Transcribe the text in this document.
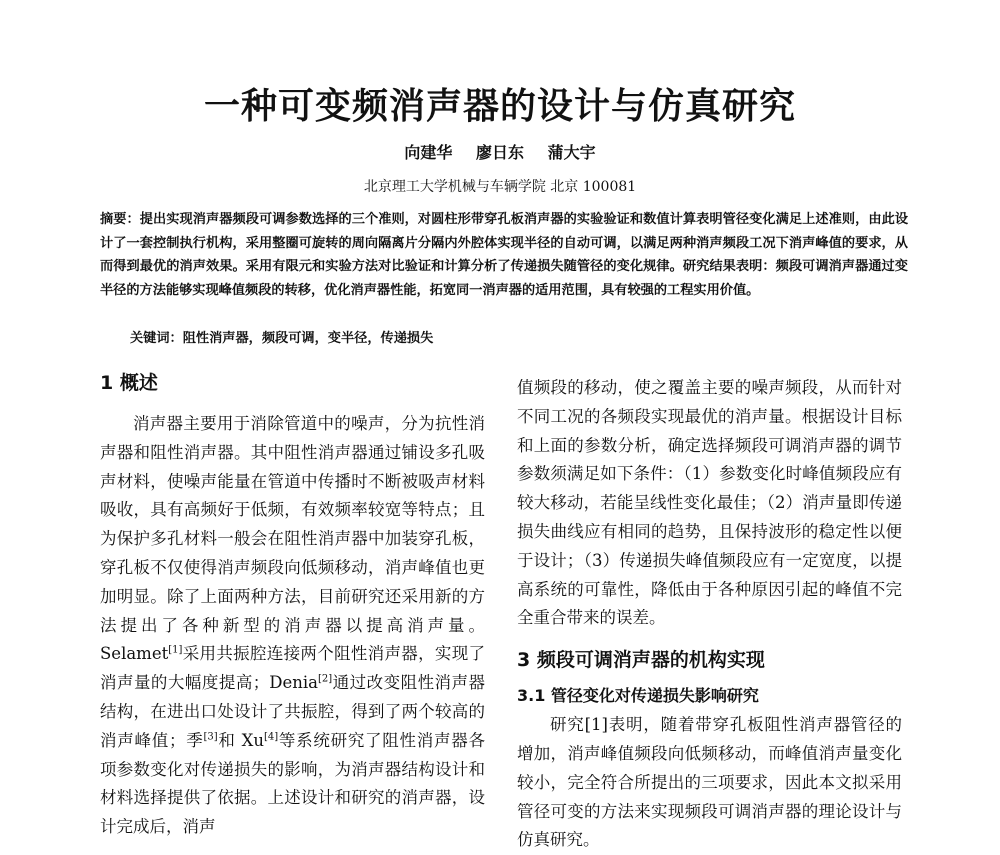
一种可变频消声器的设计与仿真研究
向建华 廖日东 蒲大宇
北京理工大学机械与车辆学院 北京 100081
摘要：提出实现消声器频段可调参数选择的三个准则，对圆柱形带穿孔板消声器的实验验证和数值计算表明管径变化满足上述准则，由此设计了一套控制执行机构，采用整圈可旋转的周向隔离片分隔内外腔体实现半径的自动可调，以满足两种消声频段工况下消声峰值的要求，从而得到最优的消声效果。采用有限元和实验方法对比验证和计算分析了传递损失随管径的变化规律。研究结果表明：频段可调消声器通过变半径的方法能够实现峰值频段的转移，优化消声器性能，拓宽同一消声器的适用范围，具有较强的工程实用价值。
关键词：阻性消声器，频段可调，变半径，传递损失
1 概述

消声器主要用于消除管道中的噪声，分为抗性消声器和阻性消声器。其中阻性消声器通过铺设多孔吸声材料，使噪声能量在管道中传播时不断被吸声材料吸收，具有高频好于低频，有效频率较宽等特点；且为保护多孔材料一般会在阻性消声器中加装穿孔板，穿孔板不仅使得消声频段向低频移动，消声峰值也更加明显。除了上面两种方法，目前研究还采用新的方法提出了各种新型的消声器以提高消声量。Selamet[1]采用共振腔连接两个阻性消声器，实现了消声量的大幅度提高；Denia[2]通过改变阻性消声器结构，在进出口处设计了共振腔，得到了两个较高的消声峰值；季[3]和 Xu[4]等系统研究了阻性消声器各项参数变化对传递损失的影响，为消声器结构设计和材料选择提供了依据。上述设计和研究的消声器，设计完成后，消声

值频段的移动，使之覆盖主要的噪声频段，从而针对不同工况的各频段实现最优的消声量。根据设计目标和上面的参数分析，确定选择频段可调消声器的调节参数须满足如下条件：（1）参数变化时峰值频段应有较大移动，若能呈线性变化最佳；（2）消声量即传递损失曲线应有相同的趋势，且保持波形的稳定性以便于设计；（3）传递损失峰值频段应有一定宽度，以提高系统的可靠性，降低由于各种原因引起的峰值不完全重合带来的误差。

3 频段可调消声器的机构实现
3.1 管径变化对传递损失影响研究

研究[1]表明，随着带穿孔板阻性消声器管径的增加，消声峰值频段向低频移动，而峰值消声量变化较小，完全符合所提出的三项要求，因此本文拟采用管径可变的方法来实现频段可调消声器的理论设计与仿真研究。
